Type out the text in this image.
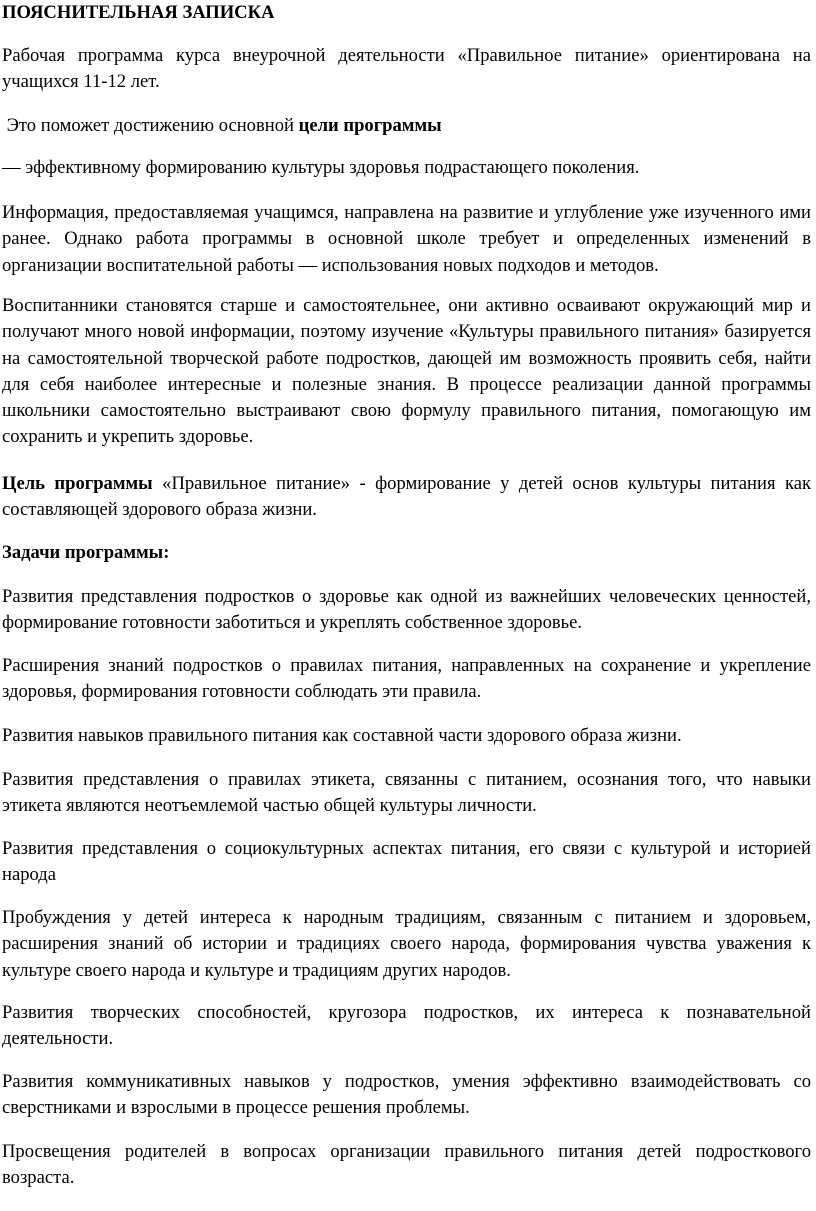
ПОЯСНИТЕЛЬНАЯ ЗАПИСКА

Рабочая программа курса внеурочной деятельности «Правильное питание» ориентирована на учащихся 11-12 лет.

Это поможет достижению основной цели программы

— эффективному формированию культуры здоровья подрастающего поколения.

Информация, предоставляемая учащимся, направлена на развитие и углубление уже изученного ими ранее. Однако работа программы в основной школе требует и определенных изменений в организации воспитательной работы — использования новых подходов и методов.

Воспитанники становятся старше и самостоятельнее, они активно осваивают окружающий мир и получают много новой информации, поэтому изучение «Культуры правильного питания» базируется на самостоятельной творческой работе подростков, дающей им возможность проявить себя, найти для себя наиболее интересные и полезные знания. В процессе реализации данной программы школьники самостоятельно выстраивают свою формулу правильного питания, помогающую им сохранить и укрепить здоровье.

Цель программы «Правильное питание» - формирование у детей основ культуры питания как составляющей здорового образа жизни.

Задачи программы:

Развития представления подростков о здоровье как одной из важнейших человеческих ценностей, формирование готовности заботиться и укреплять собственное здоровье.

Расширения знаний подростков о правилах питания, направленных на сохранение и укрепление здоровья, формирования готовности соблюдать эти правила.

Развития навыков правильного питания как составной части здорового образа жизни.

Развития представления о правилах этикета, связанны с питанием, осознания того, что навыки этикета являются неотъемлемой частью общей культуры личности.

Развития представления о социокультурных аспектах питания, его связи с культурой и историей народа

Пробуждения у детей интереса к народным традициям, связанным с питанием и здоровьем, расширения знаний об истории и традициях своего народа, формирования чувства уважения к культуре своего народа и культуре и традициям других народов.

Развития творческих способностей, кругозора подростков, их интереса к познавательной деятельности.

Развития коммуникативных навыков у подростков, умения эффективно взаимодействовать со сверстниками и взрослыми в процессе решения проблемы.

Просвещения родителей в вопросах организации правильного питания детей подросткового возраста.
